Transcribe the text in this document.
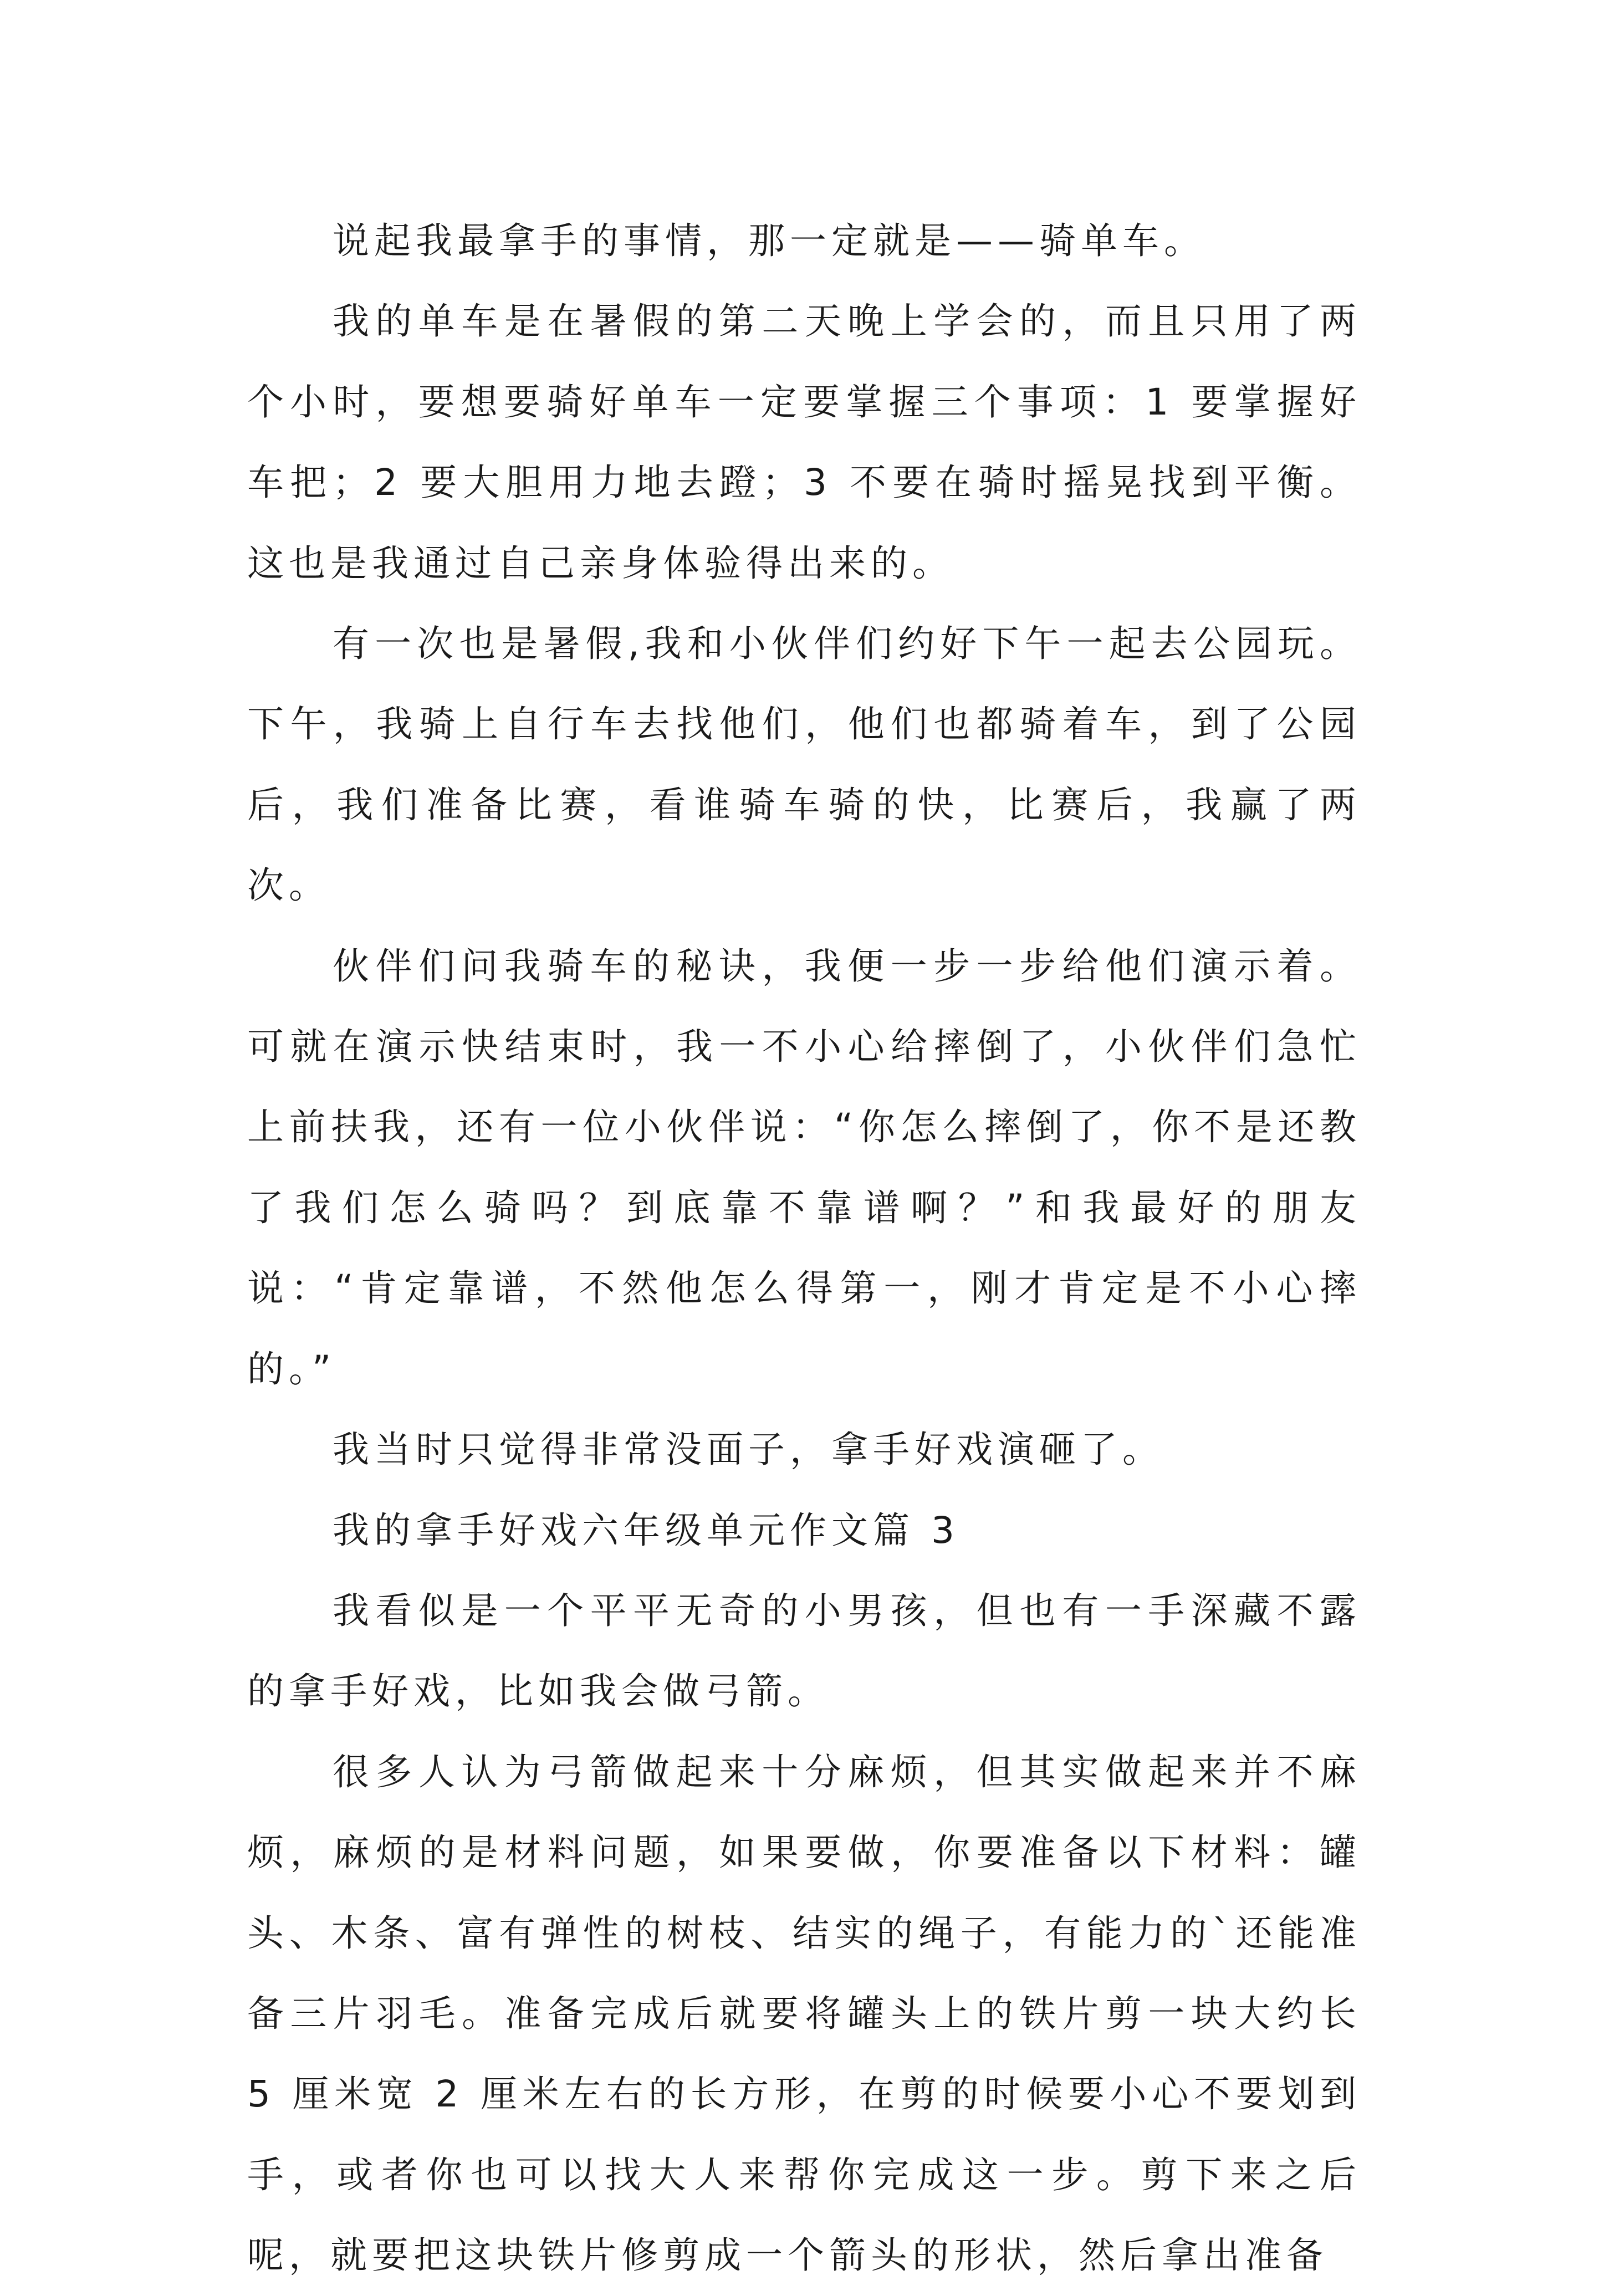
说起我最拿手的事情，那一定就是——骑单车。

我的单车是在暑假的第二天晚上学会的，而且只用了两个小时，要想要骑好单车一定要掌握三个事项：1 要掌握好车把；2 要大胆用力地去蹬；3 不要在骑时摇晃找到平衡。这也是我通过自己亲身体验得出来的。

有一次也是暑假,我和小伙伴们约好下午一起去公园玩。下午，我骑上自行车去找他们，他们也都骑着车，到了公园后，我们准备比赛，看谁骑车骑的快，比赛后，我赢了两次。

伙伴们问我骑车的秘诀，我便一步一步给他们演示着。可就在演示快结束时，我一不小心给摔倒了，小伙伴们急忙上前扶我，还有一位小伙伴说：“你怎么摔倒了，你不是还教了我们怎么骑吗？到底靠不靠谱啊？”和我最好的朋友说：“肯定靠谱，不然他怎么得第一，刚才肯定是不小心摔的。”

我当时只觉得非常没面子，拿手好戏演砸了。

我的拿手好戏六年级单元作文篇 3

我看似是一个平平无奇的小男孩，但也有一手深藏不露的拿手好戏，比如我会做弓箭。

很多人认为弓箭做起来十分麻烦，但其实做起来并不麻烦，麻烦的是材料问题，如果要做，你要准备以下材料：罐头、木条、富有弹性的树枝、结实的绳子，有能力的`还能准备三片羽毛。准备完成后就要将罐头上的铁片剪一块大约长 5 厘米宽 2 厘米左右的长方形，在剪的时候要小心不要划到手，或者你也可以找大人来帮你完成这一步。剪下来之后呢，就要把这块铁片修剪成一个箭头的形状，然后拿出准备
